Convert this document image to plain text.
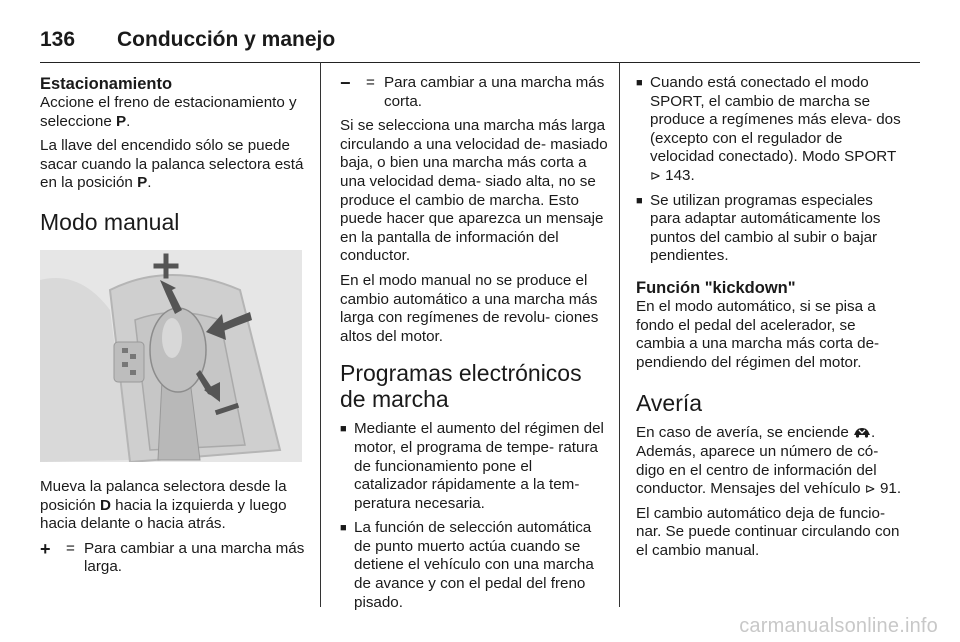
136	Conducción y manejo
Estacionamiento

Accione el freno de estacionamiento y seleccione P.

La llave del encendido sólo se puede sacar cuando la palanca selectora está en la posición P.

Modo manual

Mueva la palanca selectora desde la posición D hacia la izquierda y luego hacia delante o hacia atrás.

+	= Para cambiar a una marcha más larga.
−	= Para cambiar a una marcha más corta.

Si se selecciona una marcha más larga circulando a una velocidad de- masiado baja, o bien una marcha más corta a una velocidad dema- siado alta, no se produce el cambio de marcha. Esto puede hacer que aparezca un mensaje en la pantalla de información del conductor.

En el modo manual no se produce el cambio automático a una marcha más larga con regímenes de revolu- ciones altos del motor.

Programas electrónicos de marcha
■ Mediante el aumento del régimen del motor, el programa de tempe- ratura de funcionamiento pone el catalizador rápidamente a la tem- peratura necesaria.
■ La función de selección automática de punto muerto actúa cuando se detiene el vehículo con una marcha de avance y con el pedal del freno pisado.
■ Cuando está conectado el modo SPORT, el cambio de marcha se produce a regímenes más eleva- dos (excepto con el regulador de velocidad conectado). Modo SPORT ⊳ 143.
■ Se utilizan programas especiales para adaptar automáticamente los puntos del cambio al subir o bajar pendientes.
Función "kickdown"

En el modo automático, si se pisa a fondo el pedal del acelerador, se cambia a una marcha más corta de- pendiendo del régimen del motor.

Avería

En caso de avería, se enciende . Además, aparece un número de có- digo en el centro de información del conductor. Mensajes del vehículo ⊳ 91.

El cambio automático deja de funcio- nar. Se puede continuar circulando con el cambio manual.

carmanualsonline.info
